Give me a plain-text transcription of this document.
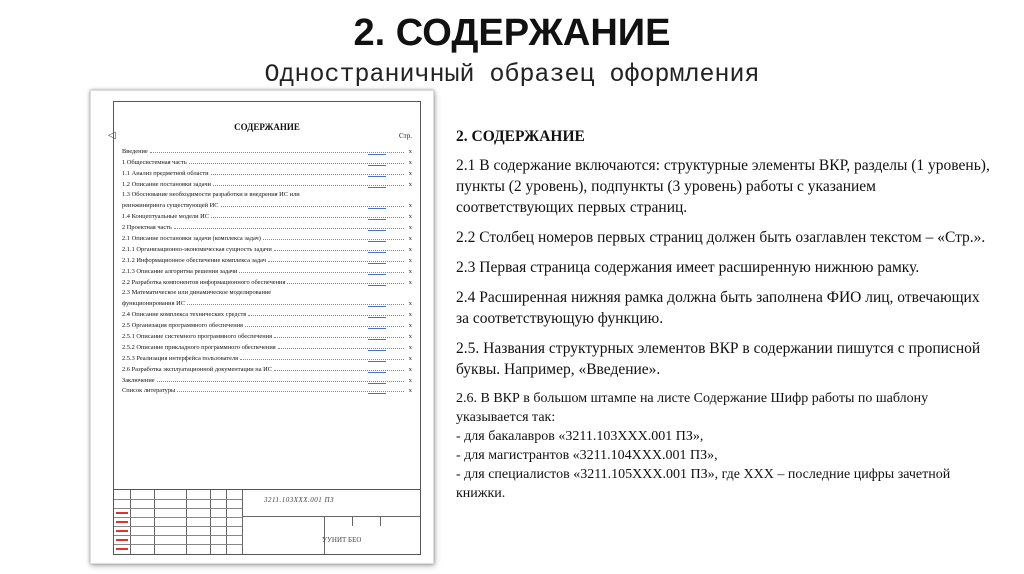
2. СОДЕРЖАНИЕ
Одностраничный образец оформления
◁
СОДЕРЖАНИЕ
Стр.
Введение	x
1 Общесистемная часть	x
1.1 Анализ предметной области	x
1.2 Описание постановки задачи	x
1.3 Обоснование необходимости разработки и внедрения ИС или
реинжиниринга существующей ИС	x
1.4 Концептуальные модели ИС	x
2 Проектная часть	x
2.1 Описание постановки задачи (комплекса задач)	x
2.1.1 Организационно-экономическая сущность задачи	x
2.1.2 Информационное обеспечение комплекса задач	x
2.1.3 Описание алгоритма решения задачи	x
2.2 Разработка компонентов информационного обеспечения	x
2.3 Математическое или динамическое моделирование
функционирования ИС	x
2.4 Описание комплекса технических средств	x
2.5 Организация программного обеспечения	x
2.5.1 Описание системного программного обеспечения	x
2.5.2 Описание прикладного программного обеспечения	x
2.5.3 Реализация интерфейса пользователя	x
2.6 Разработка эксплуатационной документации на ИС	x
Заключение	x
Список литературы	x
3211.103ХХХ.001 ПЗ
УУНИТ БЕО

2. СОДЕРЖАНИЕ

2.1 В содержание включаются: структурные элементы ВКР, разделы (1 уровень), пункты (2 уровень), подпункты (3 уровень) работы с указанием соответствующих первых страниц.

2.2 Столбец номеров первых страниц должен быть озаглавлен текстом – «Стр.».

2.3 Первая страница содержания имеет расширенную нижнюю рамку.

2.4 Расширенная нижняя рамка должна быть заполнена ФИО лиц, отвечающих за соответствующую функцию.

2.5. Названия структурных элементов ВКР в содержании пишутся с прописной буквы. Например, «Введение».

2.6. В ВКР в большом штампе на листе Содержание Шифр работы по шаблону указывается так:

- для бакалавров «3211.103ХХХ.001 ПЗ»,

- для магистрантов «3211.104ХХХ.001 ПЗ»,

- для специалистов «3211.105ХХХ.001 ПЗ», где ХХХ – последние цифры зачетной книжки.
